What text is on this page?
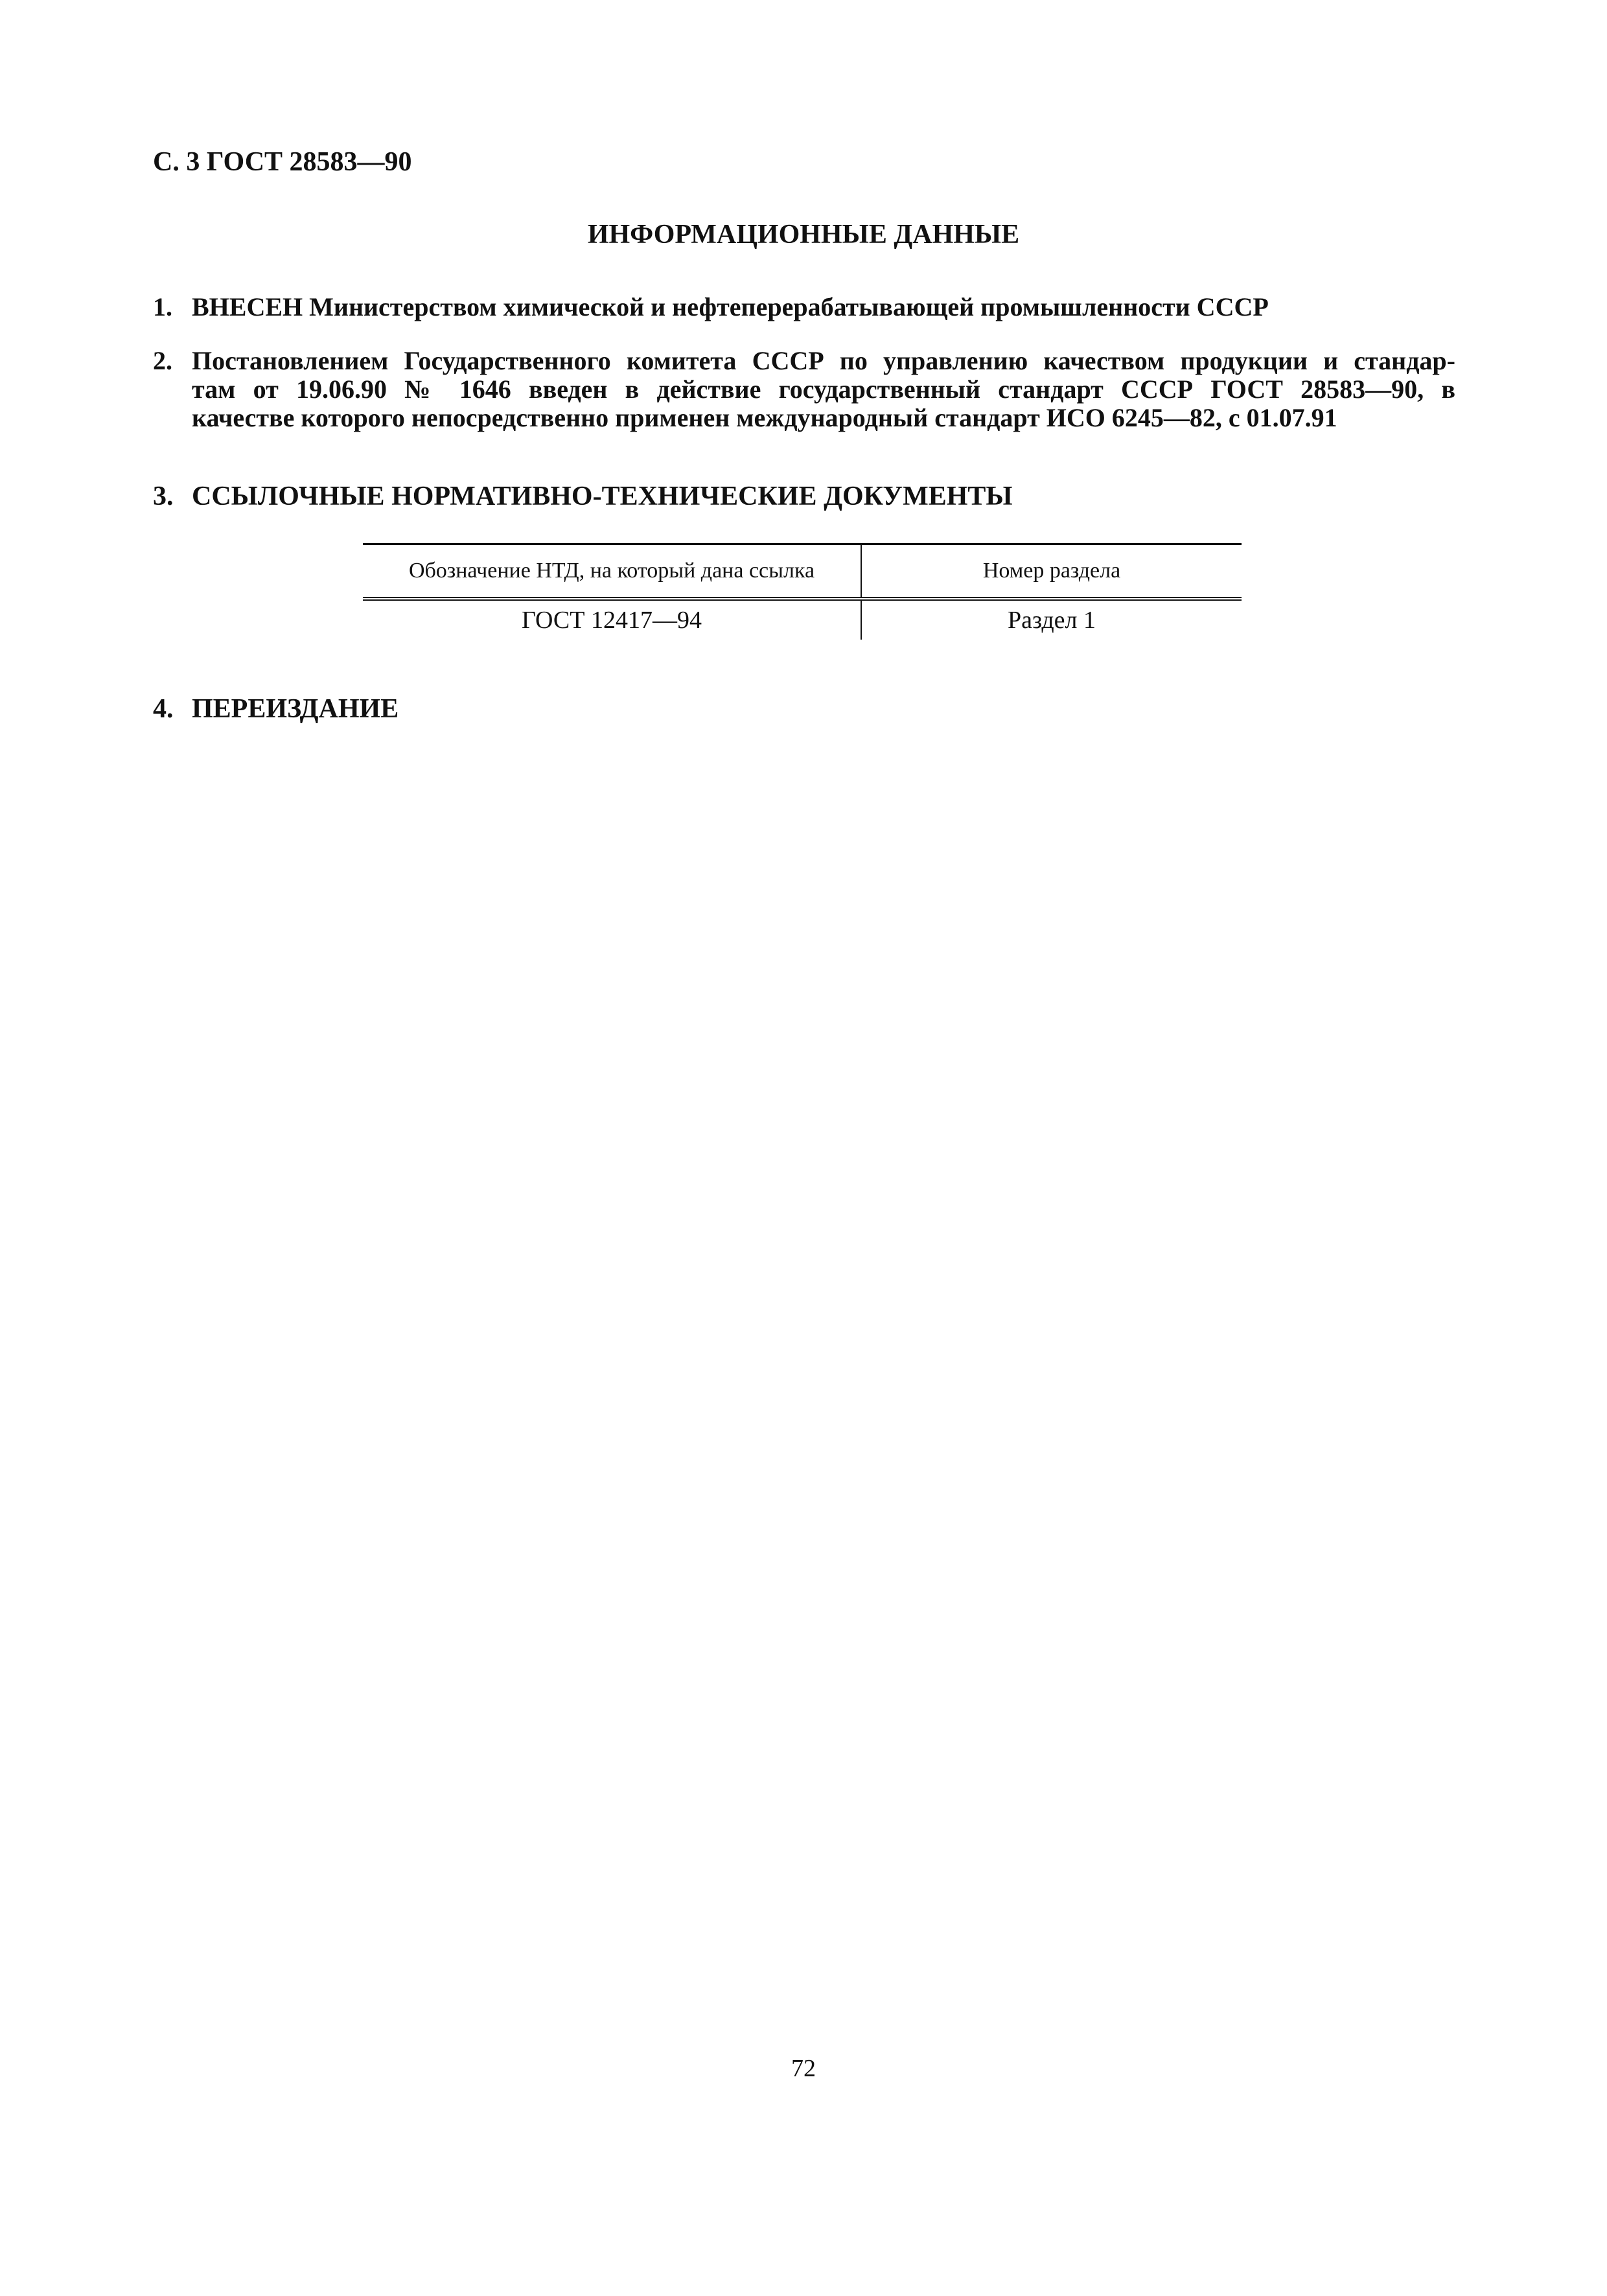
С. 3 ГОСТ 28583—90
ИНФОРМАЦИОННЫЕ ДАННЫЕ
1. ВНЕСЕН Министерством химической и нефтеперерабатывающей промышленности СССР
2. Постановлением Государственного комитета СССР по управлению качеством продукции и стандар-
там от 19.06.90 № 1646 введен в действие государственный стандарт СССР ГОСТ 28583—90, в
качестве которого непосредственно применен международный стандарт ИСО 6245—82, с 01.07.91
3. ССЫЛОЧНЫЕ НОРМАТИВНО-ТЕХНИЧЕСКИЕ ДОКУМЕНТЫ
Обозначение НТД, на который дана ссылка	Номер раздела
ГОСТ 12417—94	Раздел 1
4. ПЕРЕИЗДАНИЕ
72
